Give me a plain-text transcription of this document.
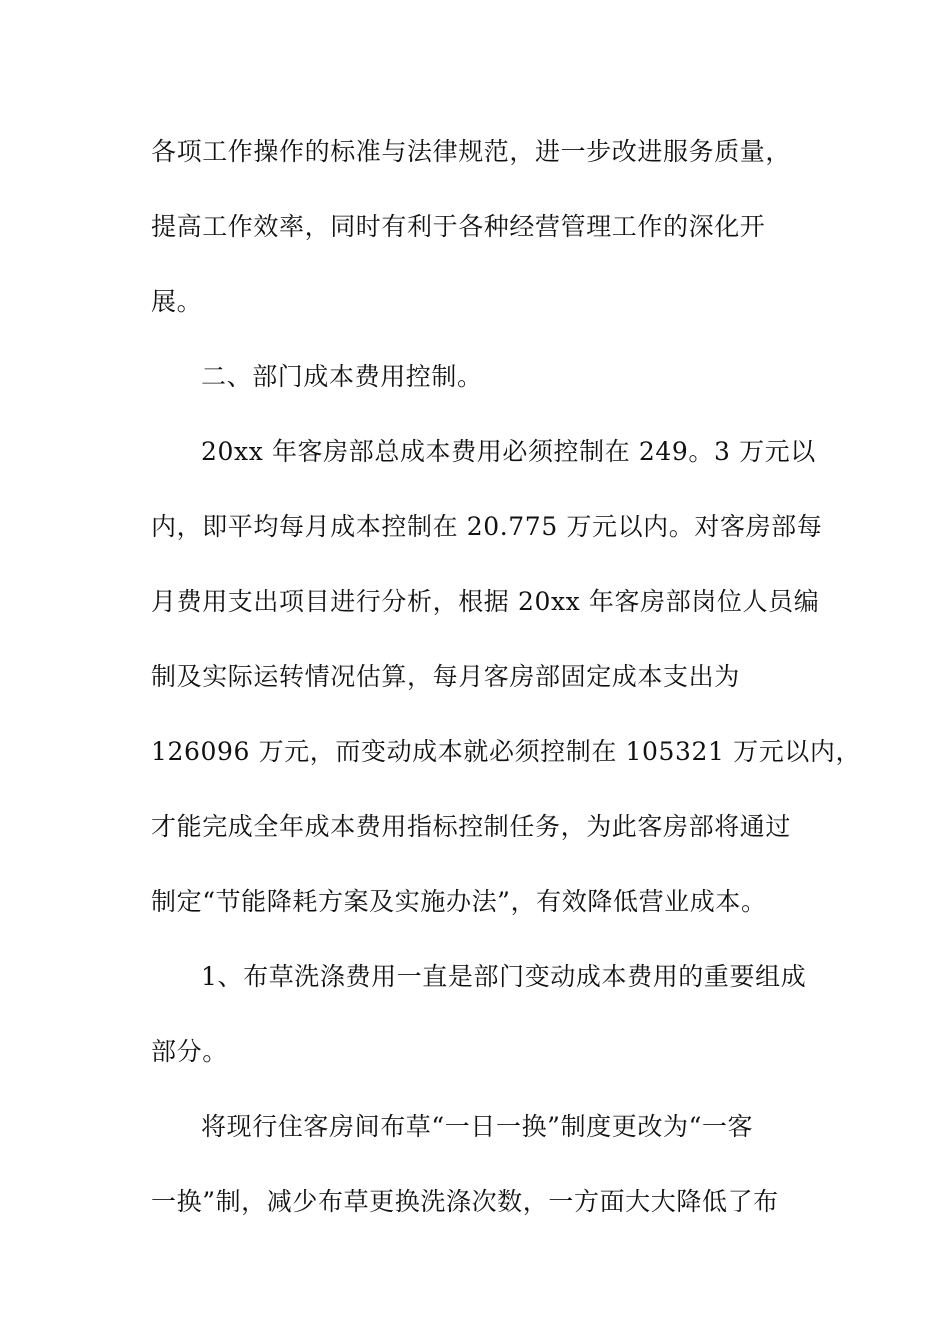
各项工作操作的标准与法律规范，进一步改进服务质量，
提高工作效率，同时有利于各种经营管理工作的深化开
展。
二、部门成本费用控制。
20xx 年客房部总成本费用必须控制在 249。3 万元以
内，即平均每月成本控制在 20.775 万元以内。对客房部每
月费用支出项目进行分析，根据 20xx 年客房部岗位人员编
制及实际运转情况估算，每月客房部固定成本支出为
126096 万元，而变动成本就必须控制在 105321 万元以内，
才能完成全年成本费用指标控制任务，为此客房部将通过
制定“节能降耗方案及实施办法”，有效降低营业成本。
1、布草洗涤费用一直是部门变动成本费用的重要组成
部分。
将现行住客房间布草“一日一换”制度更改为“一客
一换”制，减少布草更换洗涤次数，一方面大大降低了布
